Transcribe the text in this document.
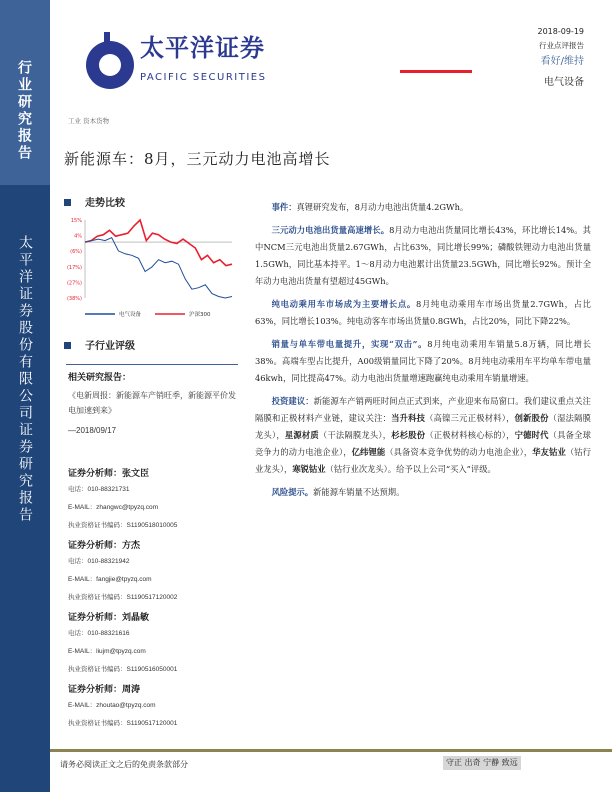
行业研究报告
太平洋证券股份有限公司证券研究报告
太平洋证券
PACIFIC SECURITIES
2018-09-19
行业点评报告
看好/维持
电气设备
工业 资本货物
新能源车：8月，三元动力电池高增长
走势比较
15%
4%
(6%)
(17%)
(27%)
(38%)
电气设备	沪深300
子行业评级
相关研究报告：
《电新周报：新能源车产销旺季，新能源平价发电加速到来》
—2018/09/17
证券分析师：张文臣
电话：010-88321731
E-MAIL：zhangwc@tpyzq.com
执业资格证书编码：S1190518010005
证券分析师：方杰
电话：010-88321942
E-MAIL：fangjie@tpyzq.com
执业资格证书编码：S1190517120002
证券分析师：刘晶敏
电话：010-88321616
E-MAIL：liujm@tpyzq.com
执业资格证书编码：S1190516050001
证券分析师：周涛
E-MAIL：zhoutao@tpyzq.com
执业资格证书编码：S1190517120001

事件：真锂研究发布，8月动力电池出货量4.2GWh。

三元动力电池出货量高速增长。8月动力电池出货量同比增长43%，环比增长14%。其中NCM三元电池出货量2.67GWh，占比63%，同比增长99%；磷酸铁锂动力电池出货量1.5GWh，同比基本持平。1～8月动力电池累计出货量23.5GWh，同比增长92%。预计全年动力电池出货量有望超过45GWh。

纯电动乘用车市场成为主要增长点。8月纯电动乘用车市场出货量2.7GWh，占比63%，同比增长103%。纯电动客车市场出货量0.8GWh，占比20%，同比下降22%。

销量与单车带电量提升，实现“双击”。8月纯电动乘用车销量5.8万辆，同比增长38%。高端车型占比提升，A00级销量同比下降了20%。8月纯电动乘用车平均单车带电量46kwh，同比提高47%。动力电池出货量增速跑赢纯电动乘用车销量增速。

投资建议：新能源车产销两旺时间点正式到来，产业迎来布局窗口。我们建议重点关注隔膜和正极材料产业链，建议关注：当升科技（高镍三元正极材料），创新股份（湿法隔膜龙头），星源材质（干法隔膜龙头），杉杉股份（正极材料核心标的），宁德时代（具备全球竞争力的动力电池企业），亿纬锂能（具备资本竞争优势的动力电池企业），华友钴业（钴行业龙头），寒锐钴业（钴行业次龙头）。给予以上公司“买入”评级。

风险提示。新能源车销量不达预期。

请务必阅读正文之后的免责条款部分	守正 出奇 宁静 致远
